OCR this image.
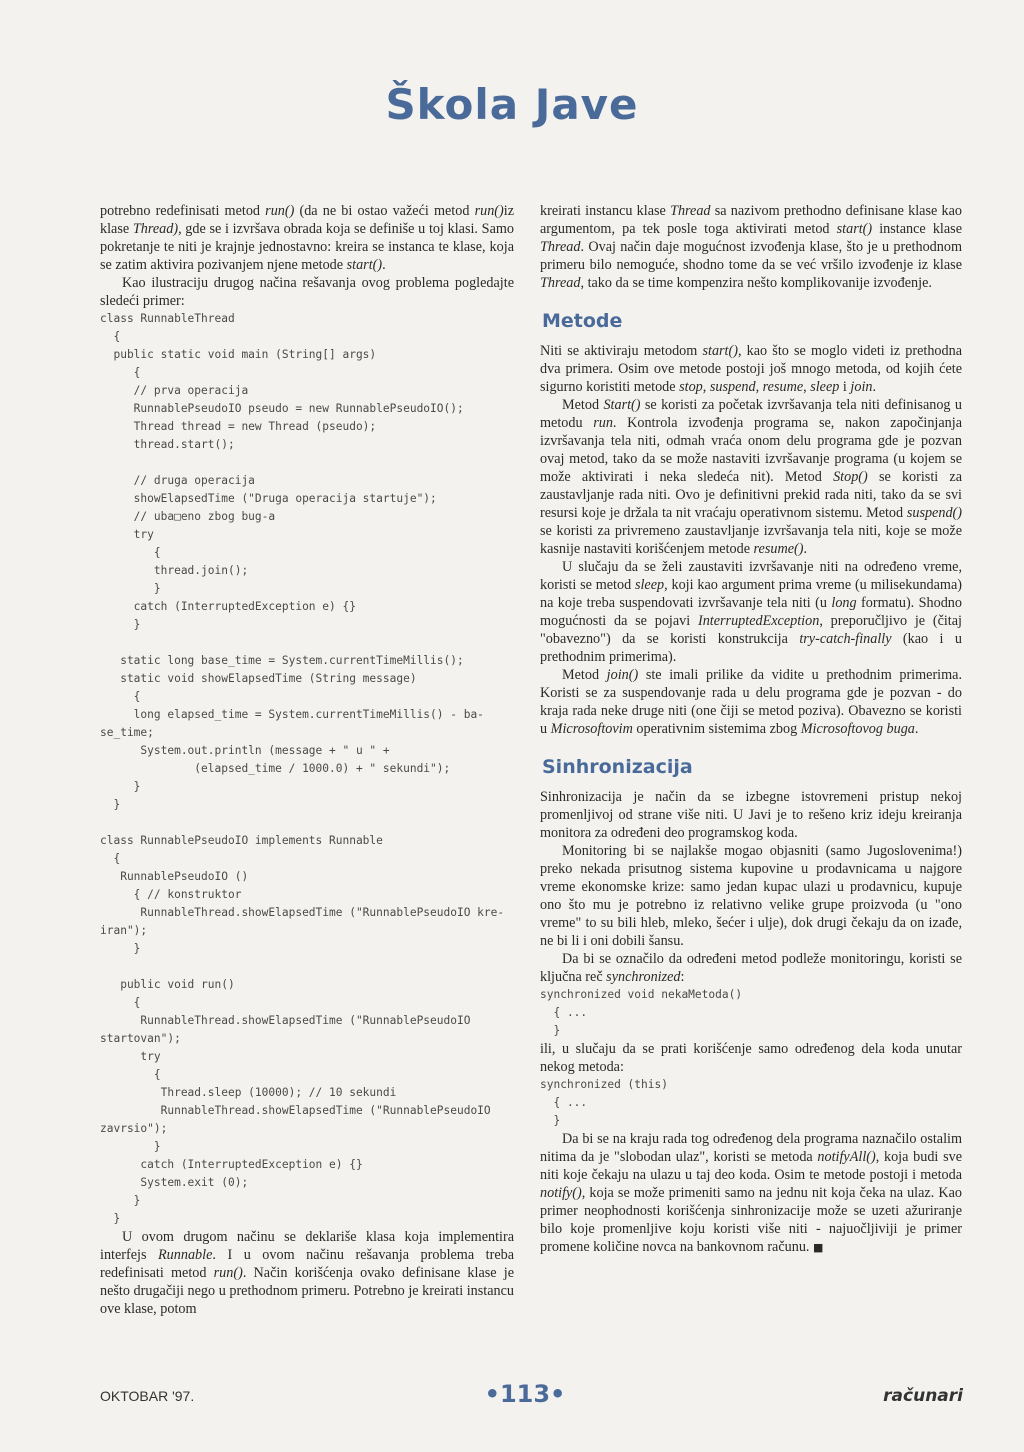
Škola Jave

potrebno redefinisati metod run() (da ne bi ostao važeći metod run()iz klase Thread), gde se i izvršava obrada koja se definiše u toj klasi. Samo pokretanje te niti je krajnje jednostavno: kreira se instanca te klase, koja se zatim aktivira pozivanjem njene metode start().

Kao ilustraciju drugog načina rešavanja ovog problema pogledajte sledeći primer:

class RunnableThread
{
public static void main (String[] args)
{
// prva operacija
RunnablePseudoIO pseudo = new RunnablePseudoIO();
Thread thread = new Thread (pseudo);
thread.start();

// druga operacija
showElapsedTime ("Druga operacija startuje");
// uba□eno zbog bug-a
try
{
thread.join();
}
catch (InterruptedException e) {}
}

static long base_time = System.currentTimeMillis();
static void showElapsedTime (String message)
{
long elapsed_time = System.currentTimeMillis() - ba-
se_time;
System.out.println (message + " u " +
(elapsed_time / 1000.0) + " sekundi");
}
}

class RunnablePseudoIO implements Runnable
{
RunnablePseudoIO ()
{ // konstruktor
RunnableThread.showElapsedTime ("RunnablePseudoIO kre-
iran");
}

public void run()
{
RunnableThread.showElapsedTime ("RunnablePseudoIO
startovan");
try
{
Thread.sleep (10000); // 10 sekundi
RunnableThread.showElapsedTime ("RunnablePseudoIO
zavrsio");
}
catch (InterruptedException e) {}
System.exit (0);
}
}

U ovom drugom načinu se deklariše klasa koja implementira interfejs Runnable. I u ovom načinu rešavanja problema treba redefinisati metod run(). Način korišćenja ovako definisane klase je nešto drugačiji nego u prethodnom primeru. Potrebno je kreirati instancu ove klase, potom

kreirati instancu klase Thread sa nazivom prethodno definisane klase kao argumentom, pa tek posle toga aktivirati metod start() instance klase Thread. Ovaj način daje mogućnost izvođenja klase, što je u prethodnom primeru bilo nemoguće, shodno tome da se već vršilo izvođenje iz klase Thread, tako da se time kompenzira nešto komplikovanije izvođenje.

Metode

Niti se aktiviraju metodom start(), kao što se moglo videti iz prethodna dva primera. Osim ove metode postoji još mnogo metoda, od kojih ćete sigurno koristiti metode stop, suspend, resume, sleep i join.

Metod Start() se koristi za početak izvršavanja tela niti definisanog u metodu run. Kontrola izvođenja programa se, nakon započinjanja izvršavanja tela niti, odmah vraća onom delu programa gde je pozvan ovaj metod, tako da se može nastaviti izvršavanje programa (u kojem se može aktivirati i neka sledeća nit). Metod Stop() se koristi za zaustavljanje rada niti. Ovo je definitivni prekid rada niti, tako da se svi resursi koje je držala ta nit vraćaju operativnom sistemu. Metod suspend() se koristi za privremeno zaustavljanje izvršavanja tela niti, koje se može kasnije nastaviti korišćenjem metode resume().

U slučaju da se želi zaustaviti izvršavanje niti na određeno vreme, koristi se metod sleep, koji kao argument prima vreme (u milisekundama) na koje treba suspendovati izvršavanje tela niti (u long formatu). Shodno mogućnosti da se pojavi InterruptedException, preporučljivo je (čitaj "obavezno") da se koristi konstrukcija try-catch-finally (kao i u prethodnim primerima).

Metod join() ste imali prilike da vidite u prethodnim primerima. Koristi se za suspendovanje rada u delu programa gde je pozvan - do kraja rada neke druge niti (one čiji se metod poziva). Obavezno se koristi u Microsoftovim operativnim sistemima zbog Microsoftovog buga.

Sinhronizacija

Sinhronizacija je način da se izbegne istovremeni pristup nekoj promenljivoj od strane više niti. U Javi je to rešeno kriz ideju kreiranja monitora za određeni deo programskog koda.

Monitoring bi se najlakše mogao objasniti (samo Jugoslovenima!) preko nekada prisutnog sistema kupovine u prodavnicama u najgore vreme ekonomske krize: samo jedan kupac ulazi u prodavnicu, kupuje ono što mu je potrebno iz relativno velike grupe proizvoda (u "ono vreme" to su bili hleb, mleko, šećer i ulje), dok drugi čekaju da on izađe, ne bi li i oni dobili šansu.

Da bi se označilo da određeni metod podleže monitoringu, koristi se ključna reč synchronized:

synchronized void nekaMetoda()
{ ...
}

ili, u slučaju da se prati korišćenje samo određenog dela koda unutar nekog metoda:

synchronized (this)
{ ...
}

Da bi se na kraju rada tog određenog dela programa naznačilo ostalim nitima da je "slobodan ulaz", koristi se metoda notifyAll(), koja budi sve niti koje čekaju na ulazu u taj deo koda. Osim te metode postoji i metoda notify(), koja se može primeniti samo na jednu nit koja čeka na ulaz. Kao primer neophodnosti korišćenja sinhronizacije može se uzeti ažuriranje bilo koje promenljive koju koristi više niti - najuočljiviji je primer promene količine novca na bankovnom računu. ■

OKTOBAR '97.	•113•	računari
